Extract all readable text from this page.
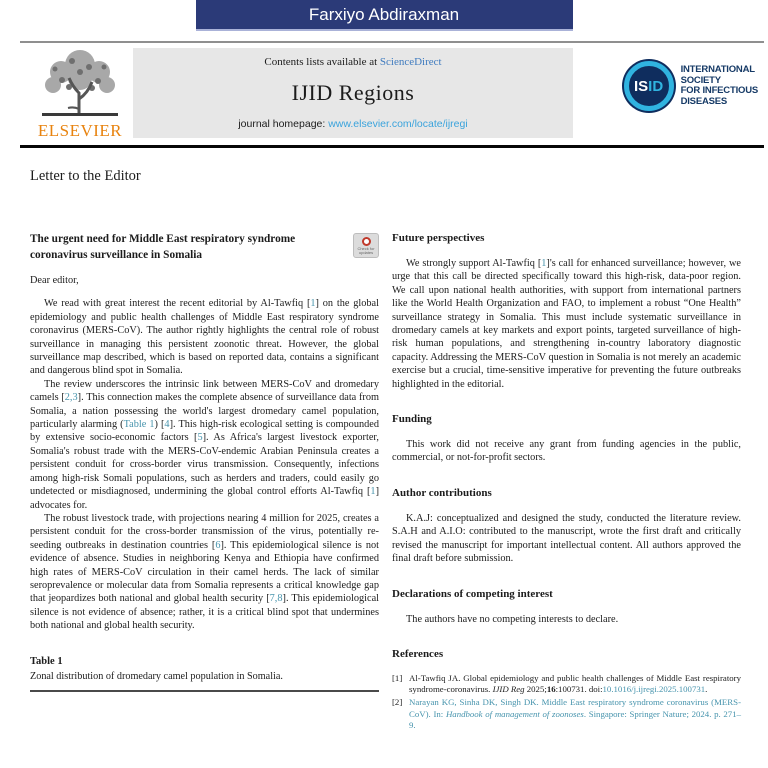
Farxiyo Abdiraxman
ELSEVIER
Contents lists available at ScienceDirect
IJID Regions
journal homepage: www.elsevier.com/locate/ijregi
IS ID
INTERNATIONAL
SOCIETY
FOR INFECTIOUS
DISEASES
Letter to the Editor
The urgent need for Middle East respiratory syndrome coronavirus surveillance in Somalia
Check for updates
Dear editor,

We read with great interest the recent editorial by Al-Tawfiq [1] on the global epidemiology and public health challenges of Middle East respiratory syndrome coronavirus (MERS-CoV). The author rightly highlights the central role of robust surveillance in managing this persistent zoonotic threat. However, the global surveillance map described, which is based on reported data, contains a significant and dangerous blind spot in Somalia.

The review underscores the intrinsic link between MERS-CoV and dromedary camels [2,3]. This connection makes the complete absence of surveillance data from Somalia, a nation possessing the world's largest dromedary camel population, particularly alarming (Table 1) [4]. This high-risk ecological setting is compounded by extensive socio-economic factors [5]. As Africa's largest livestock exporter, Somalia's robust trade with the MERS-CoV-endemic Arabian Peninsula creates a persistent conduit for cross-border virus transmission. Consequently, infections among high-risk Somali populations, such as herders and traders, could easily go undetected or misdiagnosed, undermining the global control efforts Al-Tawfiq [1] advocates for.

The robust livestock trade, with projections nearing 4 million for 2025, creates a persistent conduit for the cross-border transmission of the virus, potentially re-seeding outbreaks in destination countries [6]. This epidemiological silence is not evidence of absence. Studies in neighboring Kenya and Ethiopia have confirmed high rates of MERS-CoV circulation in their camel herds. The lack of similar seroprevalence or molecular data from Somalia represents a critical knowledge gap that jeopardizes both national and global health security [7,8]. This epidemiological silence is not evidence of absence; rather, it is a critical blind spot that undermines both national and global health security.

Table 1
Zonal distribution of dromedary camel population in Somalia.
Future perspectives

We strongly support Al-Tawfiq [1]'s call for enhanced surveillance; however, we urge that this call be directed specifically toward this high-risk, data-poor region. We call upon national health authorities, with support from international partners like the World Health Organization and FAO, to implement a robust “One Health” surveillance strategy in Somalia. This must include systematic surveillance in dromedary camels at key markets and export points, targeted surveillance of high-risk human populations, and strengthening in-country laboratory diagnostic capacity. Addressing the MERS-CoV question in Somalia is not merely an academic exercise but a crucial, time-sensitive imperative for preventing the future outbreaks highlighted in the editorial.

Funding

This work did not receive any grant from funding agencies in the public, commercial, or not-for-profit sectors.

Author contributions

K.A.J: conceptualized and designed the study, conducted the literature review. S.A.H and A.I.O: contributed to the manuscript, wrote the first draft and critically revised the manuscript for important intellectual content. All authors approved the final draft before submission.

Declarations of competing interest

The authors have no competing interests to declare.

References
[1] Al-Tawfiq JA. Global epidemiology and public health challenges of Middle East respiratory syndrome-coronavirus. IJID Reg 2025;16:100731. doi:10.1016/j.ijregi.2025.100731.
[2] Narayan KG, Sinha DK, Singh DK. Middle East respiratory syndrome coronavirus (MERS-CoV). In: Handbook of management of zoonoses. Singapore: Springer Nature; 2024. p. 271–9.
